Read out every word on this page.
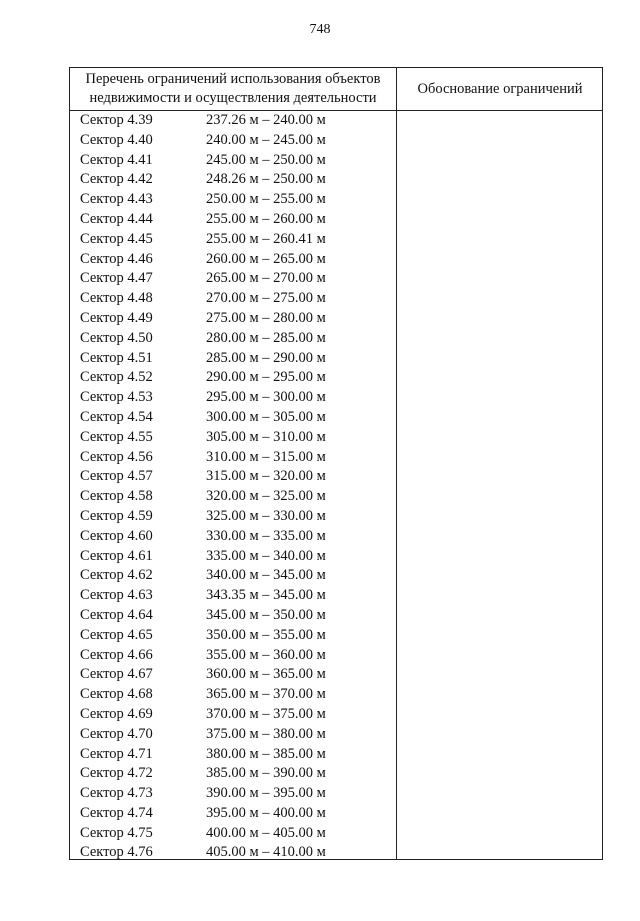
748
Перечень ограничений использования объектов
недвижимости и осуществления деятельности
Обоснование ограничений
Сектор 4.39	237.26 м – 240.00 м
Сектор 4.40	240.00 м – 245.00 м
Сектор 4.41	245.00 м – 250.00 м
Сектор 4.42	248.26 м – 250.00 м
Сектор 4.43	250.00 м – 255.00 м
Сектор 4.44	255.00 м – 260.00 м
Сектор 4.45	255.00 м – 260.41 м
Сектор 4.46	260.00 м – 265.00 м
Сектор 4.47	265.00 м – 270.00 м
Сектор 4.48	270.00 м – 275.00 м
Сектор 4.49	275.00 м – 280.00 м
Сектор 4.50	280.00 м – 285.00 м
Сектор 4.51	285.00 м – 290.00 м
Сектор 4.52	290.00 м – 295.00 м
Сектор 4.53	295.00 м – 300.00 м
Сектор 4.54	300.00 м – 305.00 м
Сектор 4.55	305.00 м – 310.00 м
Сектор 4.56	310.00 м – 315.00 м
Сектор 4.57	315.00 м – 320.00 м
Сектор 4.58	320.00 м – 325.00 м
Сектор 4.59	325.00 м – 330.00 м
Сектор 4.60	330.00 м – 335.00 м
Сектор 4.61	335.00 м – 340.00 м
Сектор 4.62	340.00 м – 345.00 м
Сектор 4.63	343.35 м – 345.00 м
Сектор 4.64	345.00 м – 350.00 м
Сектор 4.65	350.00 м – 355.00 м
Сектор 4.66	355.00 м – 360.00 м
Сектор 4.67	360.00 м – 365.00 м
Сектор 4.68	365.00 м – 370.00 м
Сектор 4.69	370.00 м – 375.00 м
Сектор 4.70	375.00 м – 380.00 м
Сектор 4.71	380.00 м – 385.00 м
Сектор 4.72	385.00 м – 390.00 м
Сектор 4.73	390.00 м – 395.00 м
Сектор 4.74	395.00 м – 400.00 м
Сектор 4.75	400.00 м – 405.00 м
Сектор 4.76	405.00 м – 410.00 м
